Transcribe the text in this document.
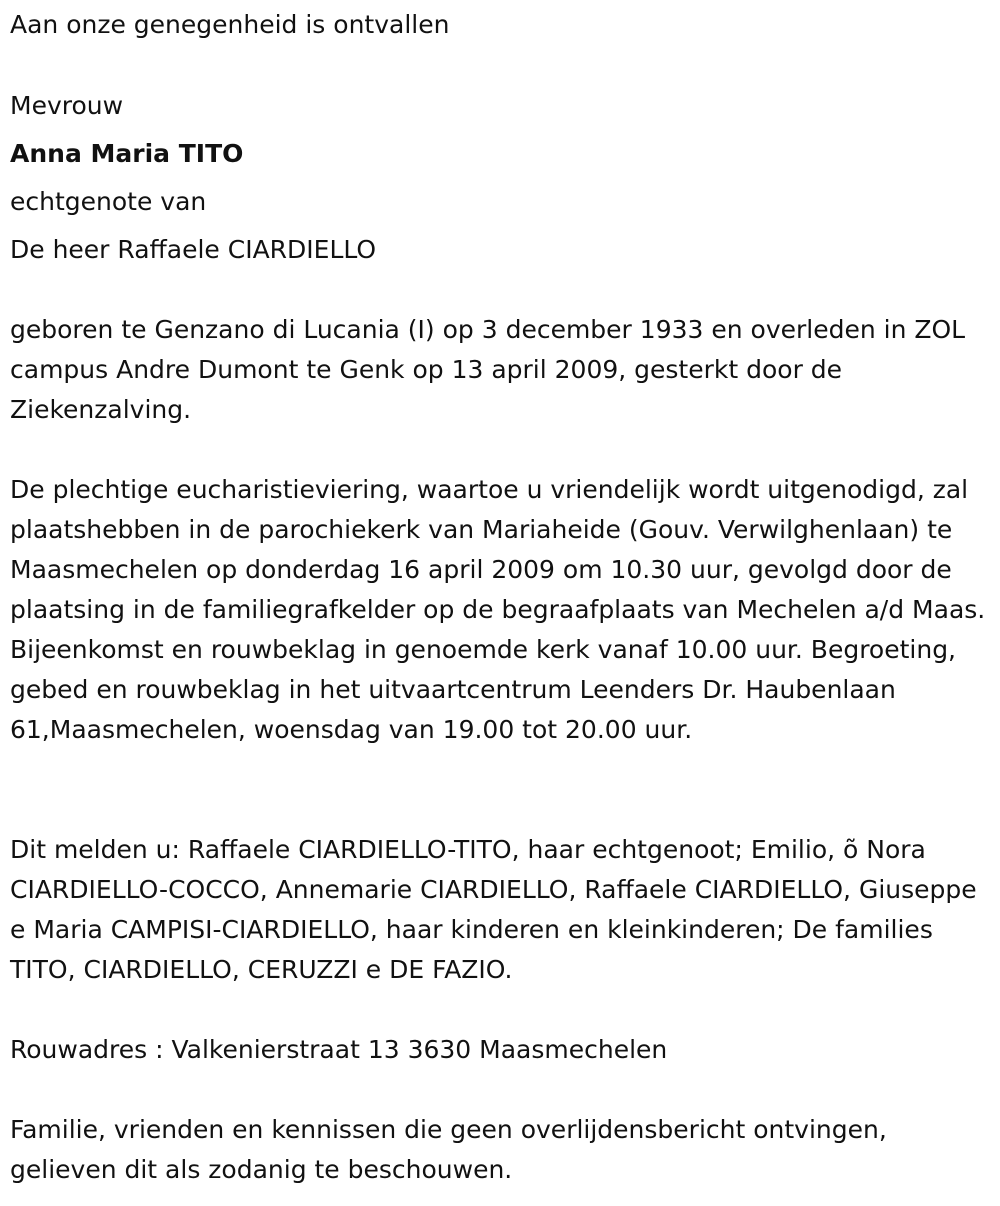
Aan onze genegenheid is ontvallen
Mevrouw
Anna Maria TITO
echtgenote van
De heer Raffaele CIARDIELLO

geboren te Genzano di Lucania (I) op 3 december 1933 en overleden in ZOL campus Andre Dumont te Genk op 13 april 2009, gesterkt door de Ziekenzalving.

De plechtige eucharistieviering, waartoe u vriendelijk wordt uitgenodigd, zal plaatshebben in de parochiekerk van Mariaheide (Gouv. Verwilghenlaan) te Maasmechelen op donderdag 16 april 2009 om 10.30 uur, gevolgd door de plaatsing in de familiegrafkelder op de begraafplaats van Mechelen a/d Maas. Bijeenkomst en rouwbeklag in genoemde kerk vanaf 10.00 uur. Begroeting, gebed en rouwbeklag in het uitvaartcentrum Leenders Dr. Haubenlaan 61,Maasmechelen, woensdag van 19.00 tot 20.00 uur.

Dit melden u: Raffaele CIARDIELLO-TITO, haar echtgenoot; Emilio, õ Nora CIARDIELLO-COCCO, Annemarie CIARDIELLO, Raffaele CIARDIELLO, Giuseppe e Maria CAMPISI-CIARDIELLO, haar kinderen en kleinkinderen; De families TITO, CIARDIELLO, CERUZZI e DE FAZIO.

Rouwadres : Valkenierstraat 13 3630 Maasmechelen

Familie, vrienden en kennissen die geen overlijdensbericht ontvingen, gelieven dit als zodanig te beschouwen.
